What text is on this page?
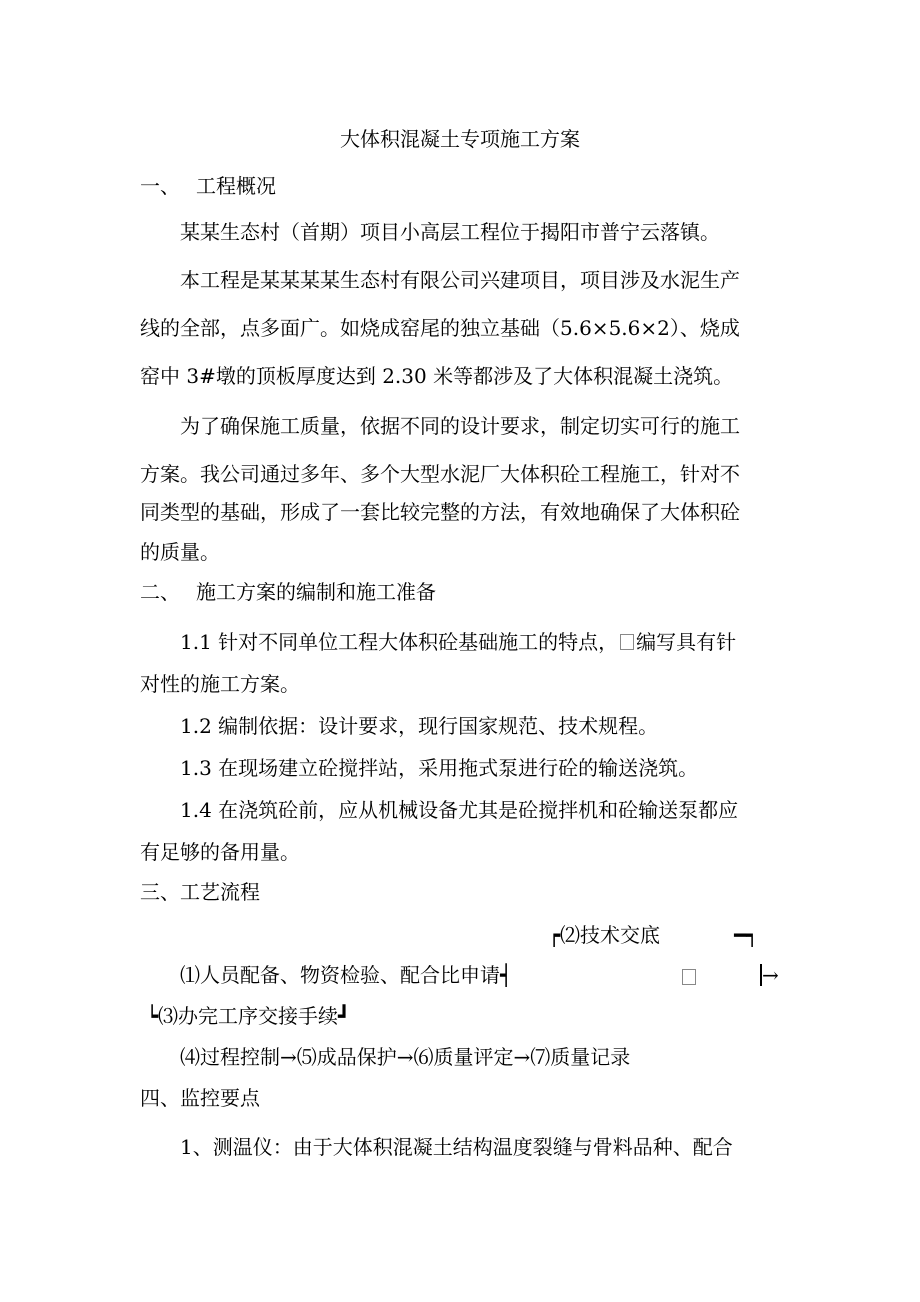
大体积混凝土专项施工方案
一、 工程概况
某某生态村（首期）项目小高层工程位于揭阳市普宁云落镇。
本工程是某某某某生态村有限公司兴建项目，项目涉及水泥生产
线的全部，点多面广。如烧成窑尾的独立基础（5.6×5.6×2）、烧成
窑中 3#墩的顶板厚度达到 2.30 米等都涉及了大体积混凝土浇筑。
为了确保施工质量，依据不同的设计要求，制定切实可行的施工
方案。我公司通过多年、多个大型水泥厂大体积砼工程施工，针对不
同类型的基础，形成了一套比较完整的方法，有效地确保了大体积砼
的质量。
二、 施工方案的编制和施工准备
1.1 针对不同单位工程大体积砼基础施工的特点， 编写具有针
对性的施工方案。
1.2 编制依据：设计要求，现行国家规范、技术规程。
1.3 在现场建立砼搅拌站，采用拖式泵进行砼的输送浇筑。
1.4 在浇筑砼前，应从机械设备尤其是砼搅拌机和砼输送泵都应
有足够的备用量。
三、工艺流程
┍⑵技术交底	━┑
⑴人员配备、物资检验、配合比申请┥	→
┕⑶办完工序交接手续┛
⑷过程控制→⑸成品保护→⑹质量评定→⑺质量记录
四、监控要点
1、测温仪：由于大体积混凝土结构温度裂缝与骨料品种、配合
